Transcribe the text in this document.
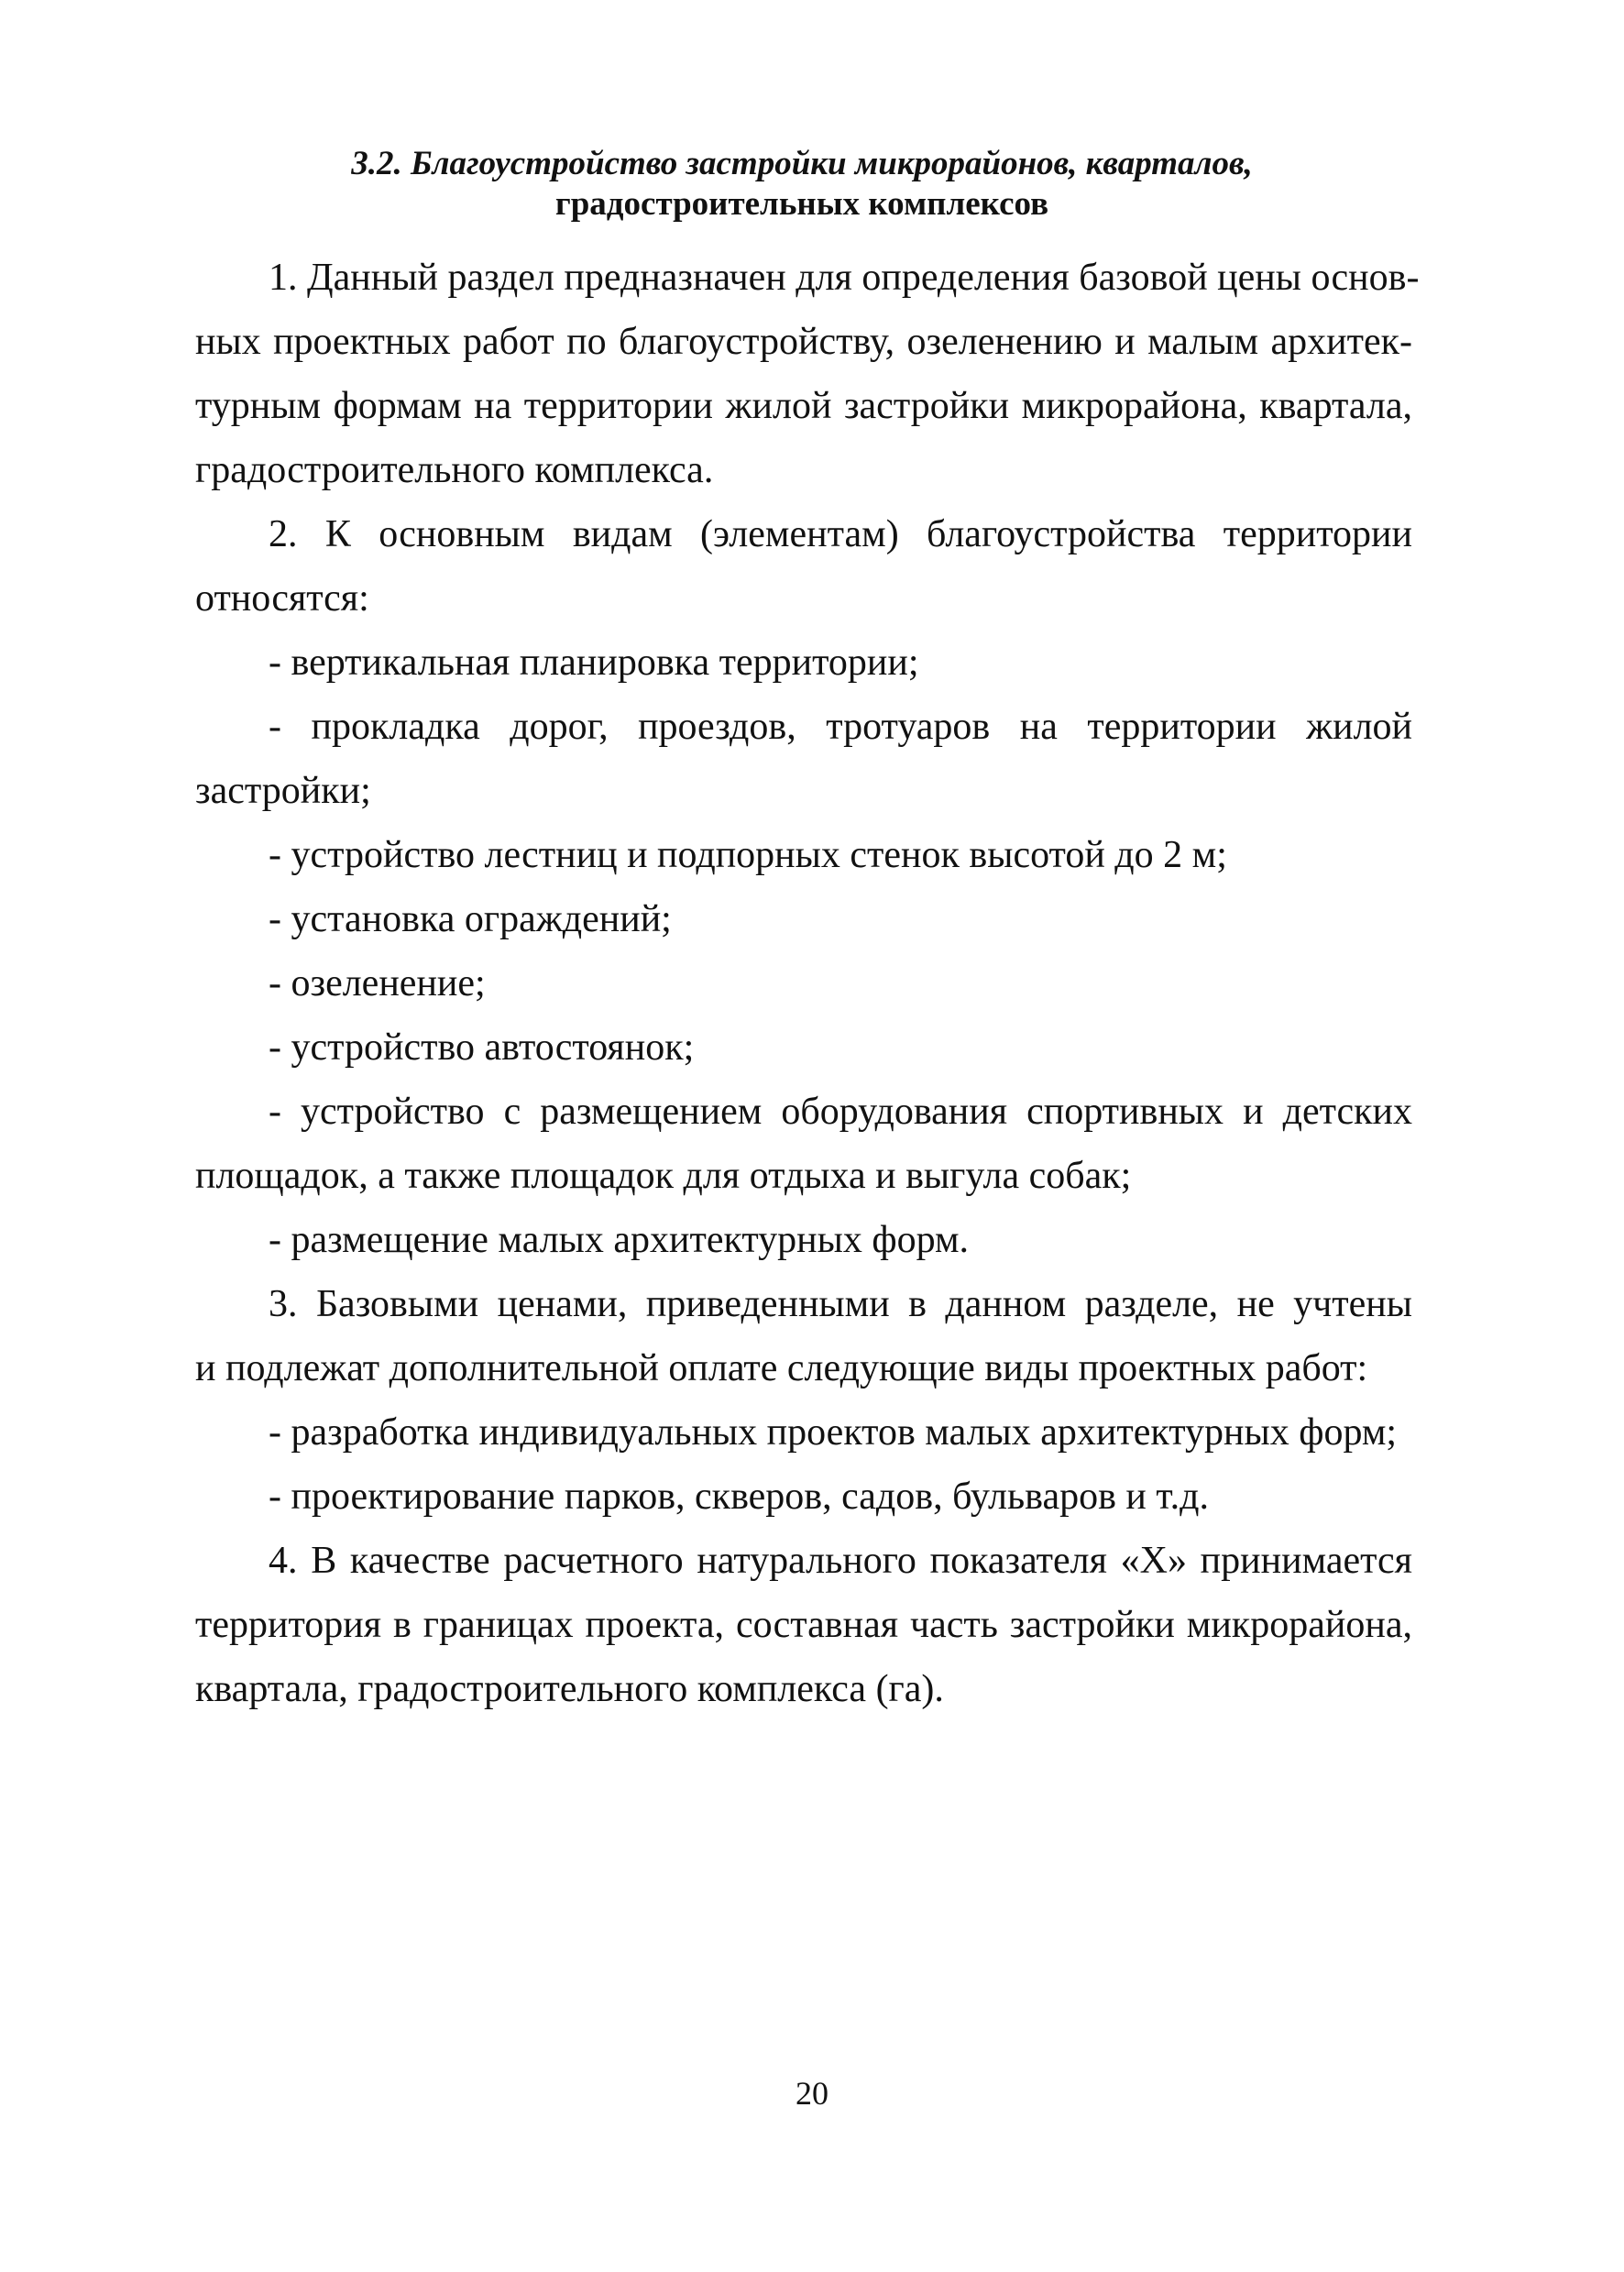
3.2. Благоустройство застройки микрорайонов, кварталов,
градостроительных комплексов
1. Данный раздел предназначен для определения базовой цены основ-
ных проектных работ по благоустройству, озеленению и малым архитек-
турным формам на территории жилой застройки микрорайона, квартала,
градостроительного комплекса.
2. К основным видам (элементам) благоустройства территории
относятся:
- вертикальная планировка территории;
- прокладка дорог, проездов, тротуаров на территории жилой
застройки;
- устройство лестниц и подпорных стенок высотой до 2 м;
- установка ограждений;
- озеленение;
- устройство автостоянок;
- устройство с размещением оборудования спортивных и детских
площадок, а также площадок для отдыха и выгула собак;
- размещение малых архитектурных форм.
3. Базовыми ценами, приведенными в данном разделе, не учтены
и подлежат дополнительной оплате следующие виды проектных работ:
- разработка индивидуальных проектов малых архитектурных форм;
- проектирование парков, скверов, садов, бульваров и т.д.
4. В качестве расчетного натурального показателя «Х» принимается
территория в границах проекта, составная часть застройки микрорайона,
квартала, градостроительного комплекса (га).
20
